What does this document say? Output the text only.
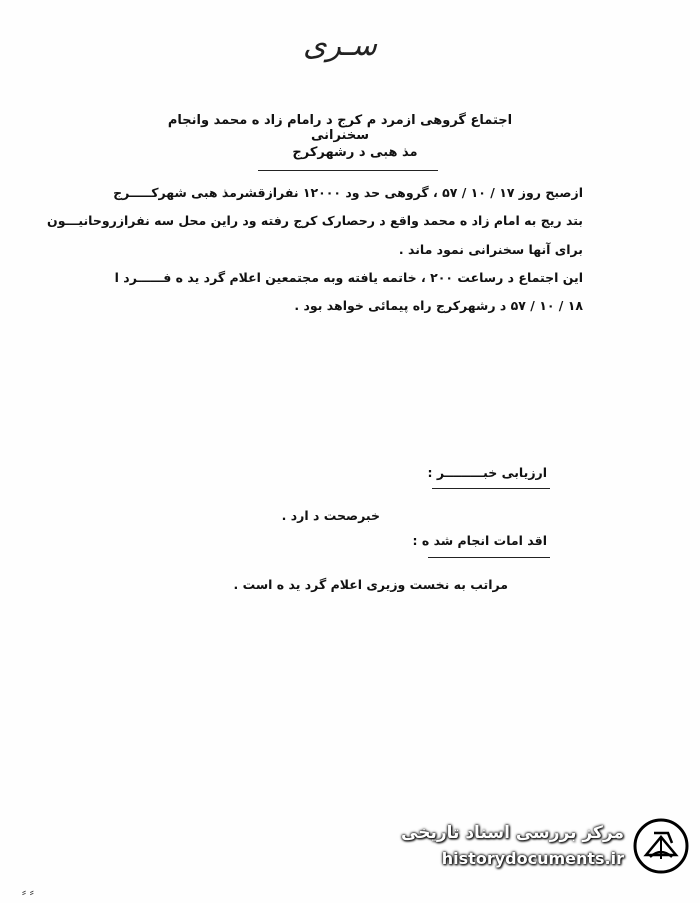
سـرى
اجتماع گروهی ازمرد م کرج د رامام زاد ه محمد وانجام سخنرانی
مذ هبی د رشهرکرج
ازصبح روز ۱۷ / ۱۰ / ۵۷ ، گروهی حد ود ۱۲۰۰۰ نفرازقشرمذ هبی شهرکـــــرج
بتد ریج به امام زاد ه محمد واقع د رحصارک کرج رفته ود راین محل سه نفرازروحانیـــون
برای آنها سخنرانی نمود ماند .
این اجتماع د رساعت ۲۰۰ ، خاتمه یافته وبه مجتمعین اعلام گرد ید ه فــــــرد ا
۱۸ / ۱۰ / ۵۷ د رشهرکرج راه پیمائی خواهد بود .
ارزیابی خبـــــــــر :
خبرصحت د ارد .
اقد امات انجام شد ه :
مراتب به نخست وزیری اعلام گرد ید ه است .
⸗ ⸗
مرکز بررسی اسناد تاریخی
historydocuments.ir
